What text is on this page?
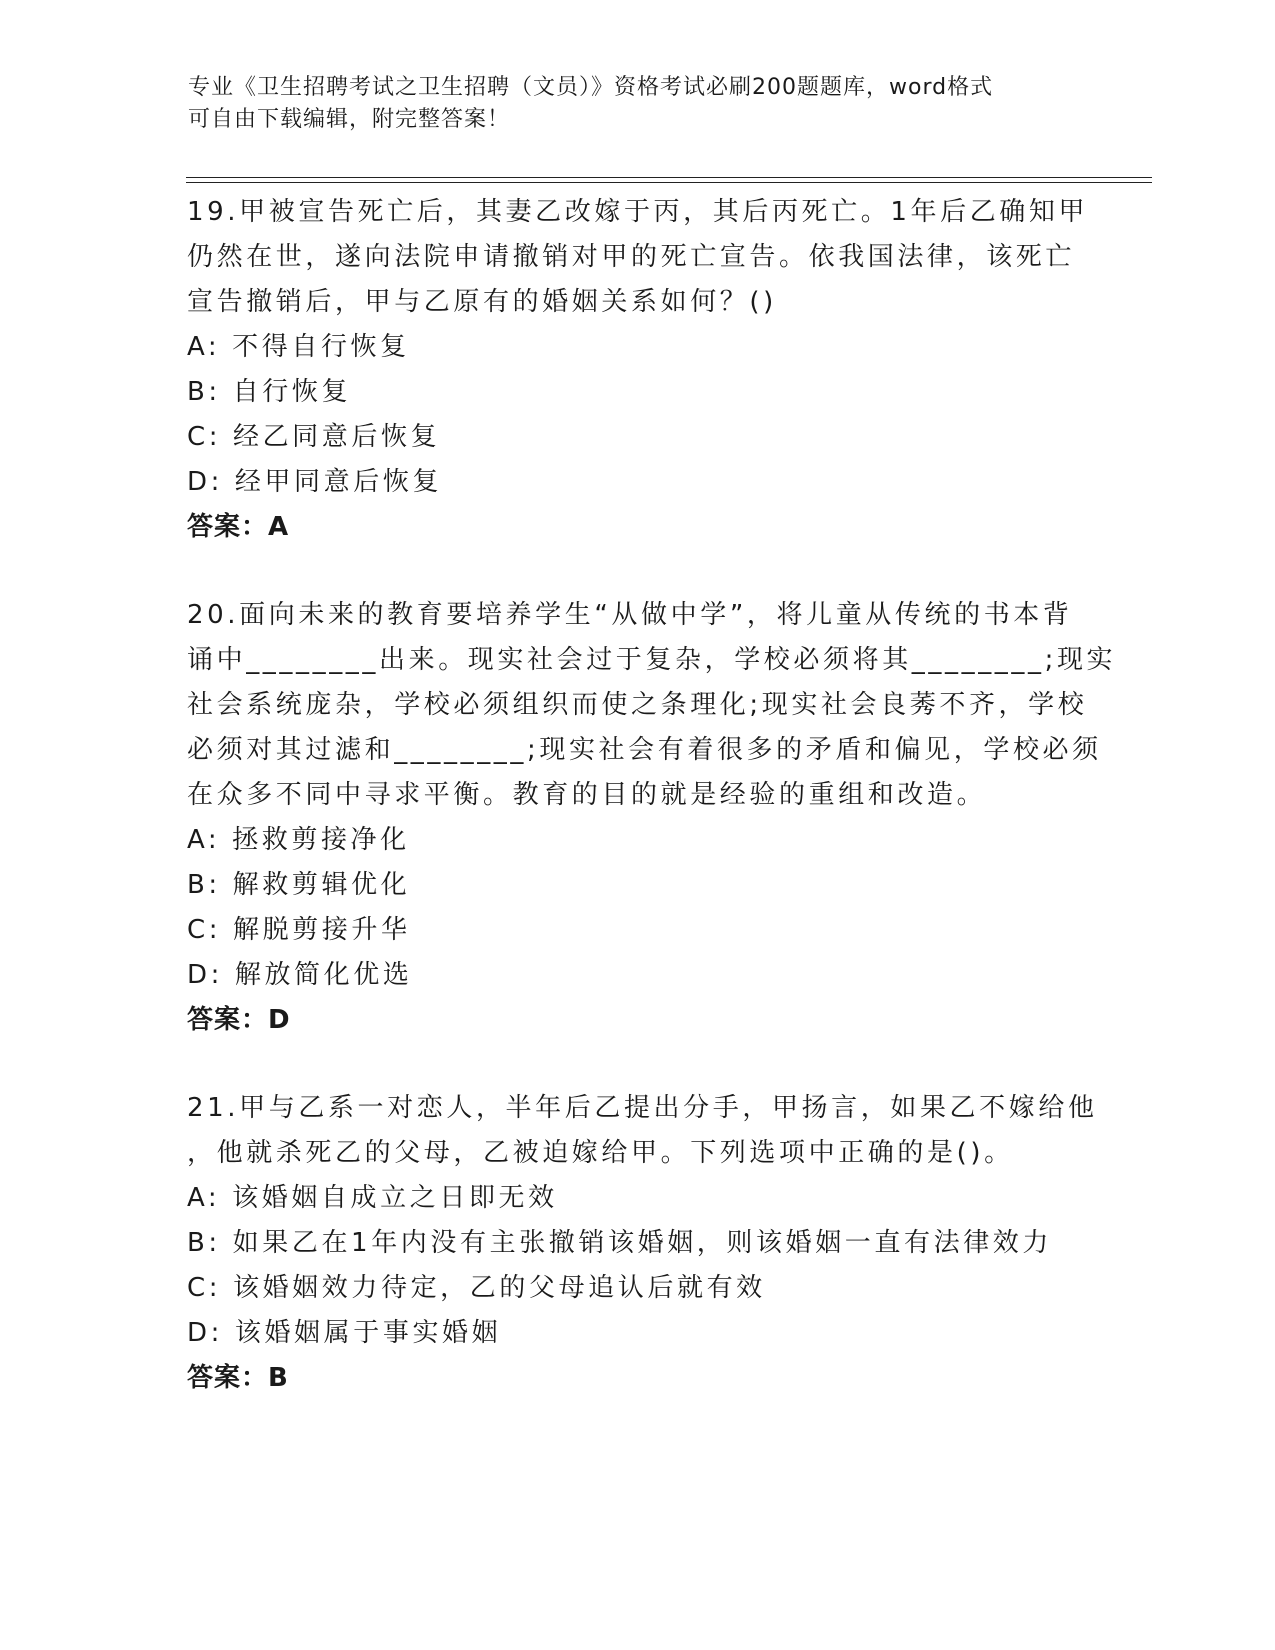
专业《卫生招聘考试之卫生招聘（文员）》资格考试必刷200题题库，word格式
可自由下载编辑，附完整答案！
19.甲被宣告死亡后，其妻乙改嫁于丙，其后丙死亡。1年后乙确知甲
仍然在世，遂向法院申请撤销对甲的死亡宣告。依我国法律，该死亡
宣告撤销后，甲与乙原有的婚姻关系如何？()
A: 不得自行恢复
B: 自行恢复
C: 经乙同意后恢复
D: 经甲同意后恢复
答案：A
20.面向未来的教育要培养学生“从做中学”，将儿童从传统的书本背
诵中________出来。现实社会过于复杂，学校必须将其________;现实
社会系统庞杂，学校必须组织而使之条理化;现实社会良莠不齐，学校
必须对其过滤和________;现实社会有着很多的矛盾和偏见，学校必须
在众多不同中寻求平衡。教育的目的就是经验的重组和改造。
A: 拯救剪接净化
B: 解救剪辑优化
C: 解脱剪接升华
D: 解放简化优选
答案：D
21.甲与乙系一对恋人，半年后乙提出分手，甲扬言，如果乙不嫁给他
，他就杀死乙的父母，乙被迫嫁给甲。下列选项中正确的是()。
A: 该婚姻自成立之日即无效
B: 如果乙在1年内没有主张撤销该婚姻，则该婚姻一直有法律效力
C: 该婚姻效力待定，乙的父母追认后就有效
D: 该婚姻属于事实婚姻
答案：B
